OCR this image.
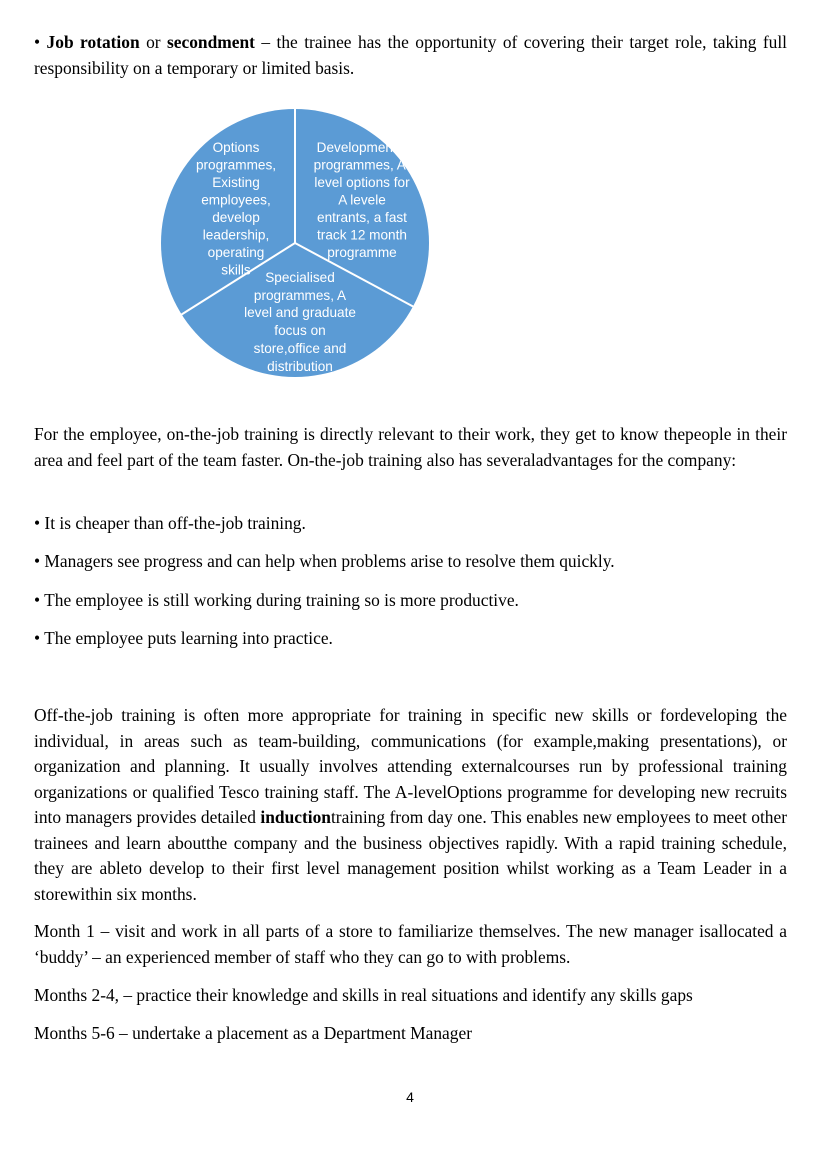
• Job rotation or secondment – the trainee has the opportunity of covering their target role, taking full responsibility on a temporary or limited basis.

Options
programmes,
Existing
employees,
develop
leadership,
operating
skills
Developmental
programmes, A-
level options for
A levele
entrants, a fast
track 12 month
programme
Specialised
programmes, A
level and graduate
focus on
store,office and
distribution

For the employee, on-the-job training is directly relevant to their work, they get to know thepeople in their area and feel part of the team faster. On-the-job training also has severaladvantages for the company:

• It is cheaper than off-the-job training.

• Managers see progress and can help when problems arise to resolve them quickly.

• The employee is still working during training so is more productive.

• The employee puts learning into practice.

Off-the-job training is often more appropriate for training in specific new skills or fordeveloping the individual, in areas such as team-building, communications (for example,making presentations), or organization and planning. It usually involves attending externalcourses run by professional training organizations or qualified Tesco training staff. The A-levelOptions programme for developing new recruits into managers provides detailed inductiontraining from day one. This enables new employees to meet other trainees and learn aboutthe company and the business objectives rapidly. With a rapid training schedule, they are ableto develop to their first level management position whilst working as a Team Leader in a storewithin six months.

Month 1 – visit and work in all parts of a store to familiarize themselves. The new manager isallocated a ‘buddy’ – an experienced member of staff who they can go to with problems.

Months 2-4, – practice their knowledge and skills in real situations and identify any skills gaps

Months 5-6 – undertake a placement as a Department Manager

4
